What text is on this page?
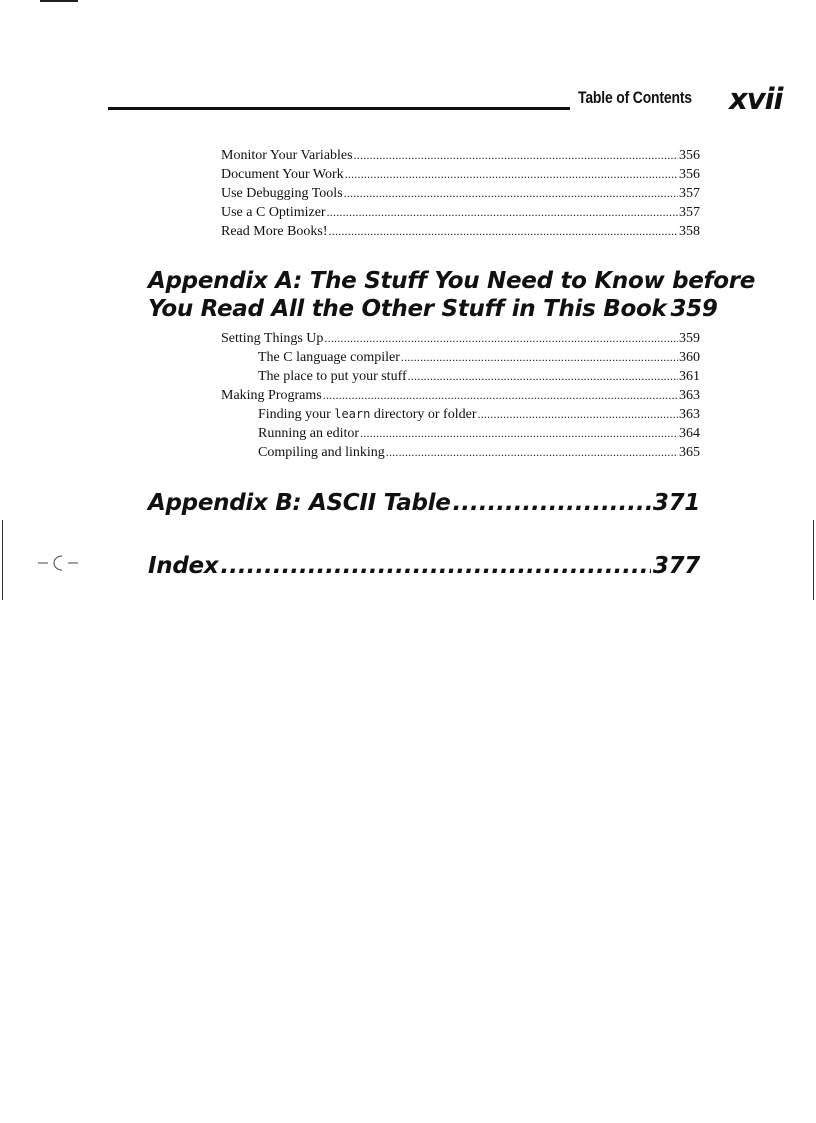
Table of Contents xvii
Monitor Your Variables .....	356
Document Your Work .....	356
Use Debugging Tools .....	357
Use a C Optimizer .....	357
Read More Books! .....	358
Appendix A: The Stuff You Need to Know before
You Read All the Other Stuff in This Book 359
Setting Things Up .....	359
The C language compiler .....	360
The place to put your stuff .....	361
Making Programs .....	363
Finding your learn directory or folder .....	363
Running an editor .....	364
Compiling and linking .....	365
Appendix B: ASCII Table .....	371
Index .....	377
